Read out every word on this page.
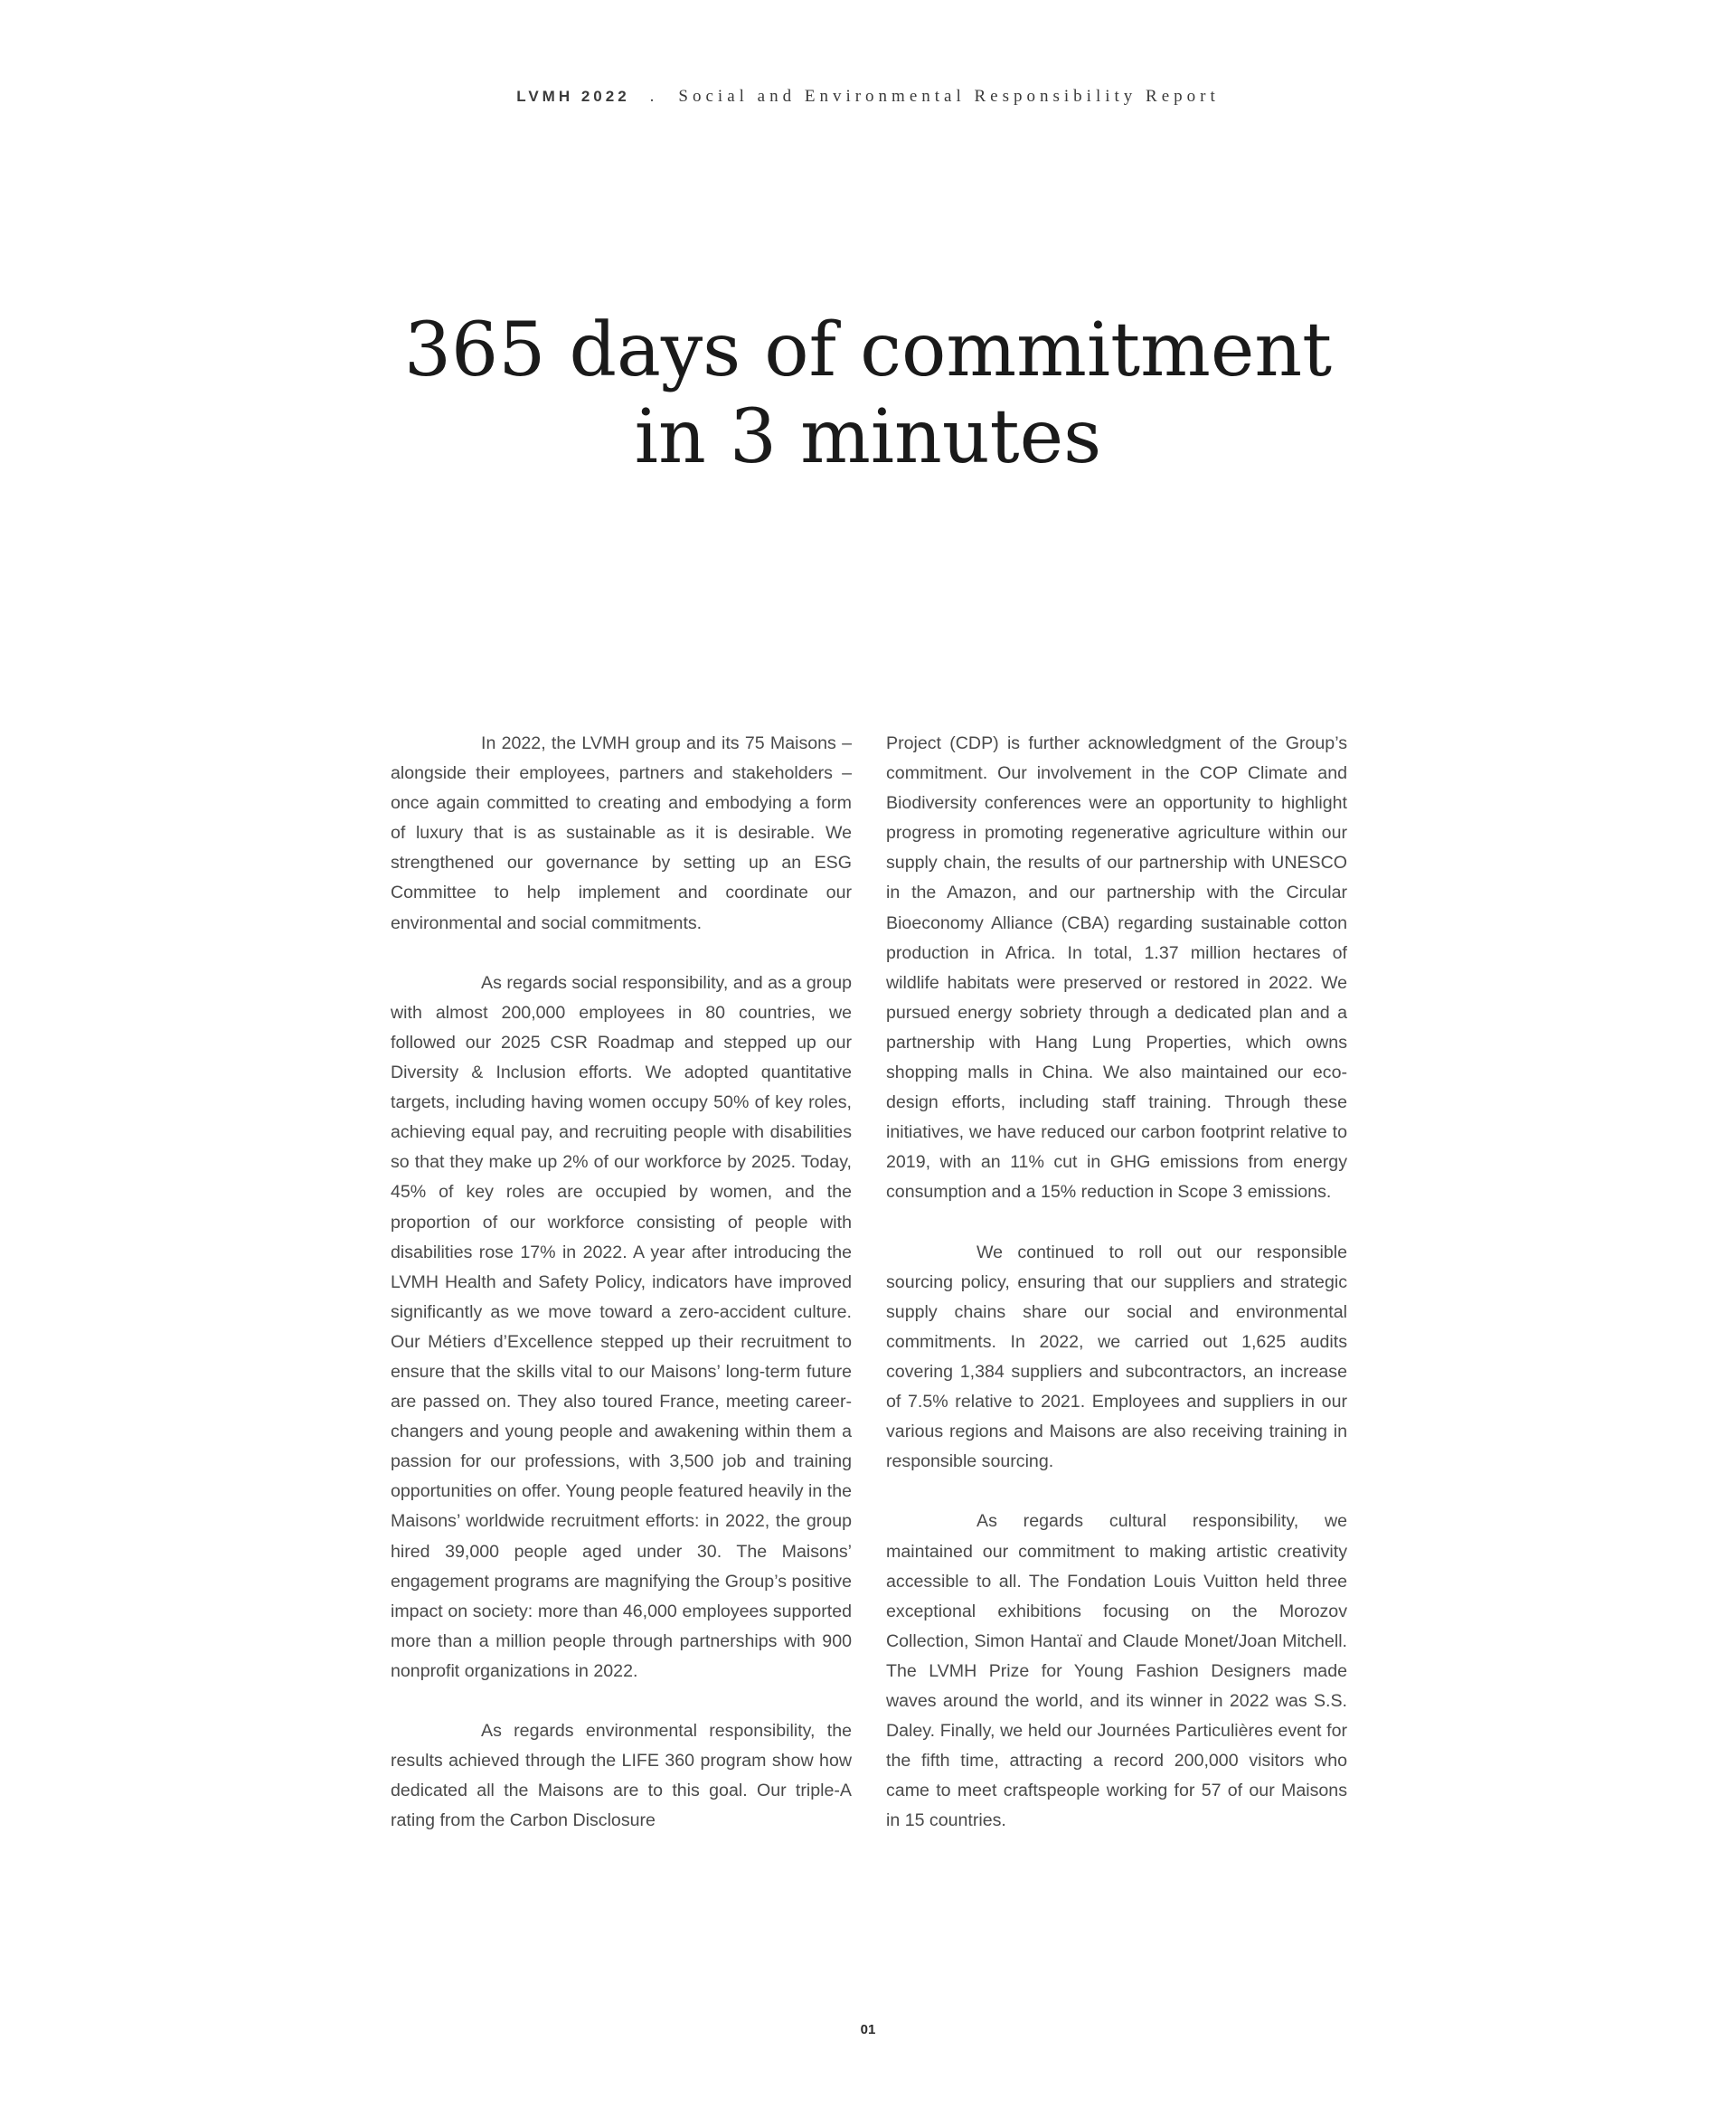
LVMH 2022 . Social and Environmental Responsibility Report
365 days of commitment
in 3 minutes

In 2022, the LVMH group and its 75 Maisons – alongside their employees, partners and stakeholders – once again committed to creating and embodying a form of luxury that is as sustainable as it is desirable. We strengthened our governance by setting up an ESG Committee to help implement and coordinate our environmental and social commitments.

As regards social responsibility, and as a group with almost 200,000 employees in 80 countries, we followed our 2025 CSR Roadmap and stepped up our Diversity & Inclusion efforts. We adopted quantitative targets, including having women occupy 50% of key roles, achieving equal pay, and recruiting people with disabilities so that they make up 2% of our workforce by 2025. Today, 45% of key roles are occupied by women, and the proportion of our workforce consisting of people with disabilities rose 17% in 2022. A year after introducing the LVMH Health and Safety Policy, indicators have improved significantly as we move toward a zero-accident culture. Our Métiers d’Excellence stepped up their recruitment to ensure that the skills vital to our Maisons’ long-term future are passed on. They also toured France, meeting career-changers and young people and awakening within them a passion for our professions, with 3,500 job and training opportunities on offer. Young people featured heavily in the Maisons’ worldwide recruitment efforts: in 2022, the group hired 39,000 people aged under 30. The Maisons’ engagement programs are magnifying the Group’s positive impact on society: more than 46,000 employees supported more than a million people through partnerships with 900 nonprofit organizations in 2022.

As regards environmental responsibility, the results achieved through the LIFE 360 program show how dedicated all the Maisons are to this goal. Our triple-A rating from the Carbon Disclosure

Project (CDP) is further acknowledgment of the Group’s commitment. Our involvement in the COP Climate and Biodiversity conferences were an opportunity to highlight progress in promoting regenerative agriculture within our supply chain, the results of our partnership with UNESCO in the Amazon, and our partnership with the Circular Bioeconomy Alliance (CBA) regarding sustainable cotton production in Africa. In total, 1.37 million hectares of wildlife habitats were preserved or restored in 2022. We pursued energy sobriety through a dedicated plan and a partnership with Hang Lung Properties, which owns shopping malls in China. We also maintained our eco-design efforts, including staff training. Through these initiatives, we have reduced our carbon footprint relative to 2019, with an 11% cut in GHG emissions from energy consumption and a 15% reduction in Scope 3 emissions.

We continued to roll out our responsible sourcing policy, ensuring that our suppliers and strategic supply chains share our social and environmental commitments. In 2022, we carried out 1,625 audits covering 1,384 suppliers and subcontractors, an increase of 7.5% relative to 2021. Employees and suppliers in our various regions and Maisons are also receiving training in responsible sourcing.

As regards cultural responsibility, we maintained our commitment to making artistic creativity accessible to all. The Fondation Louis Vuitton held three exceptional exhibitions focusing on the Morozov Collection, Simon Hantaï and Claude Monet/Joan Mitchell. The LVMH Prize for Young Fashion Designers made waves around the world, and its winner in 2022 was S.S. Daley. Finally, we held our Journées Particulières event for the fifth time, attracting a record 200,000 visitors who came to meet craftspeople working for 57 of our Maisons in 15 countries.

01
